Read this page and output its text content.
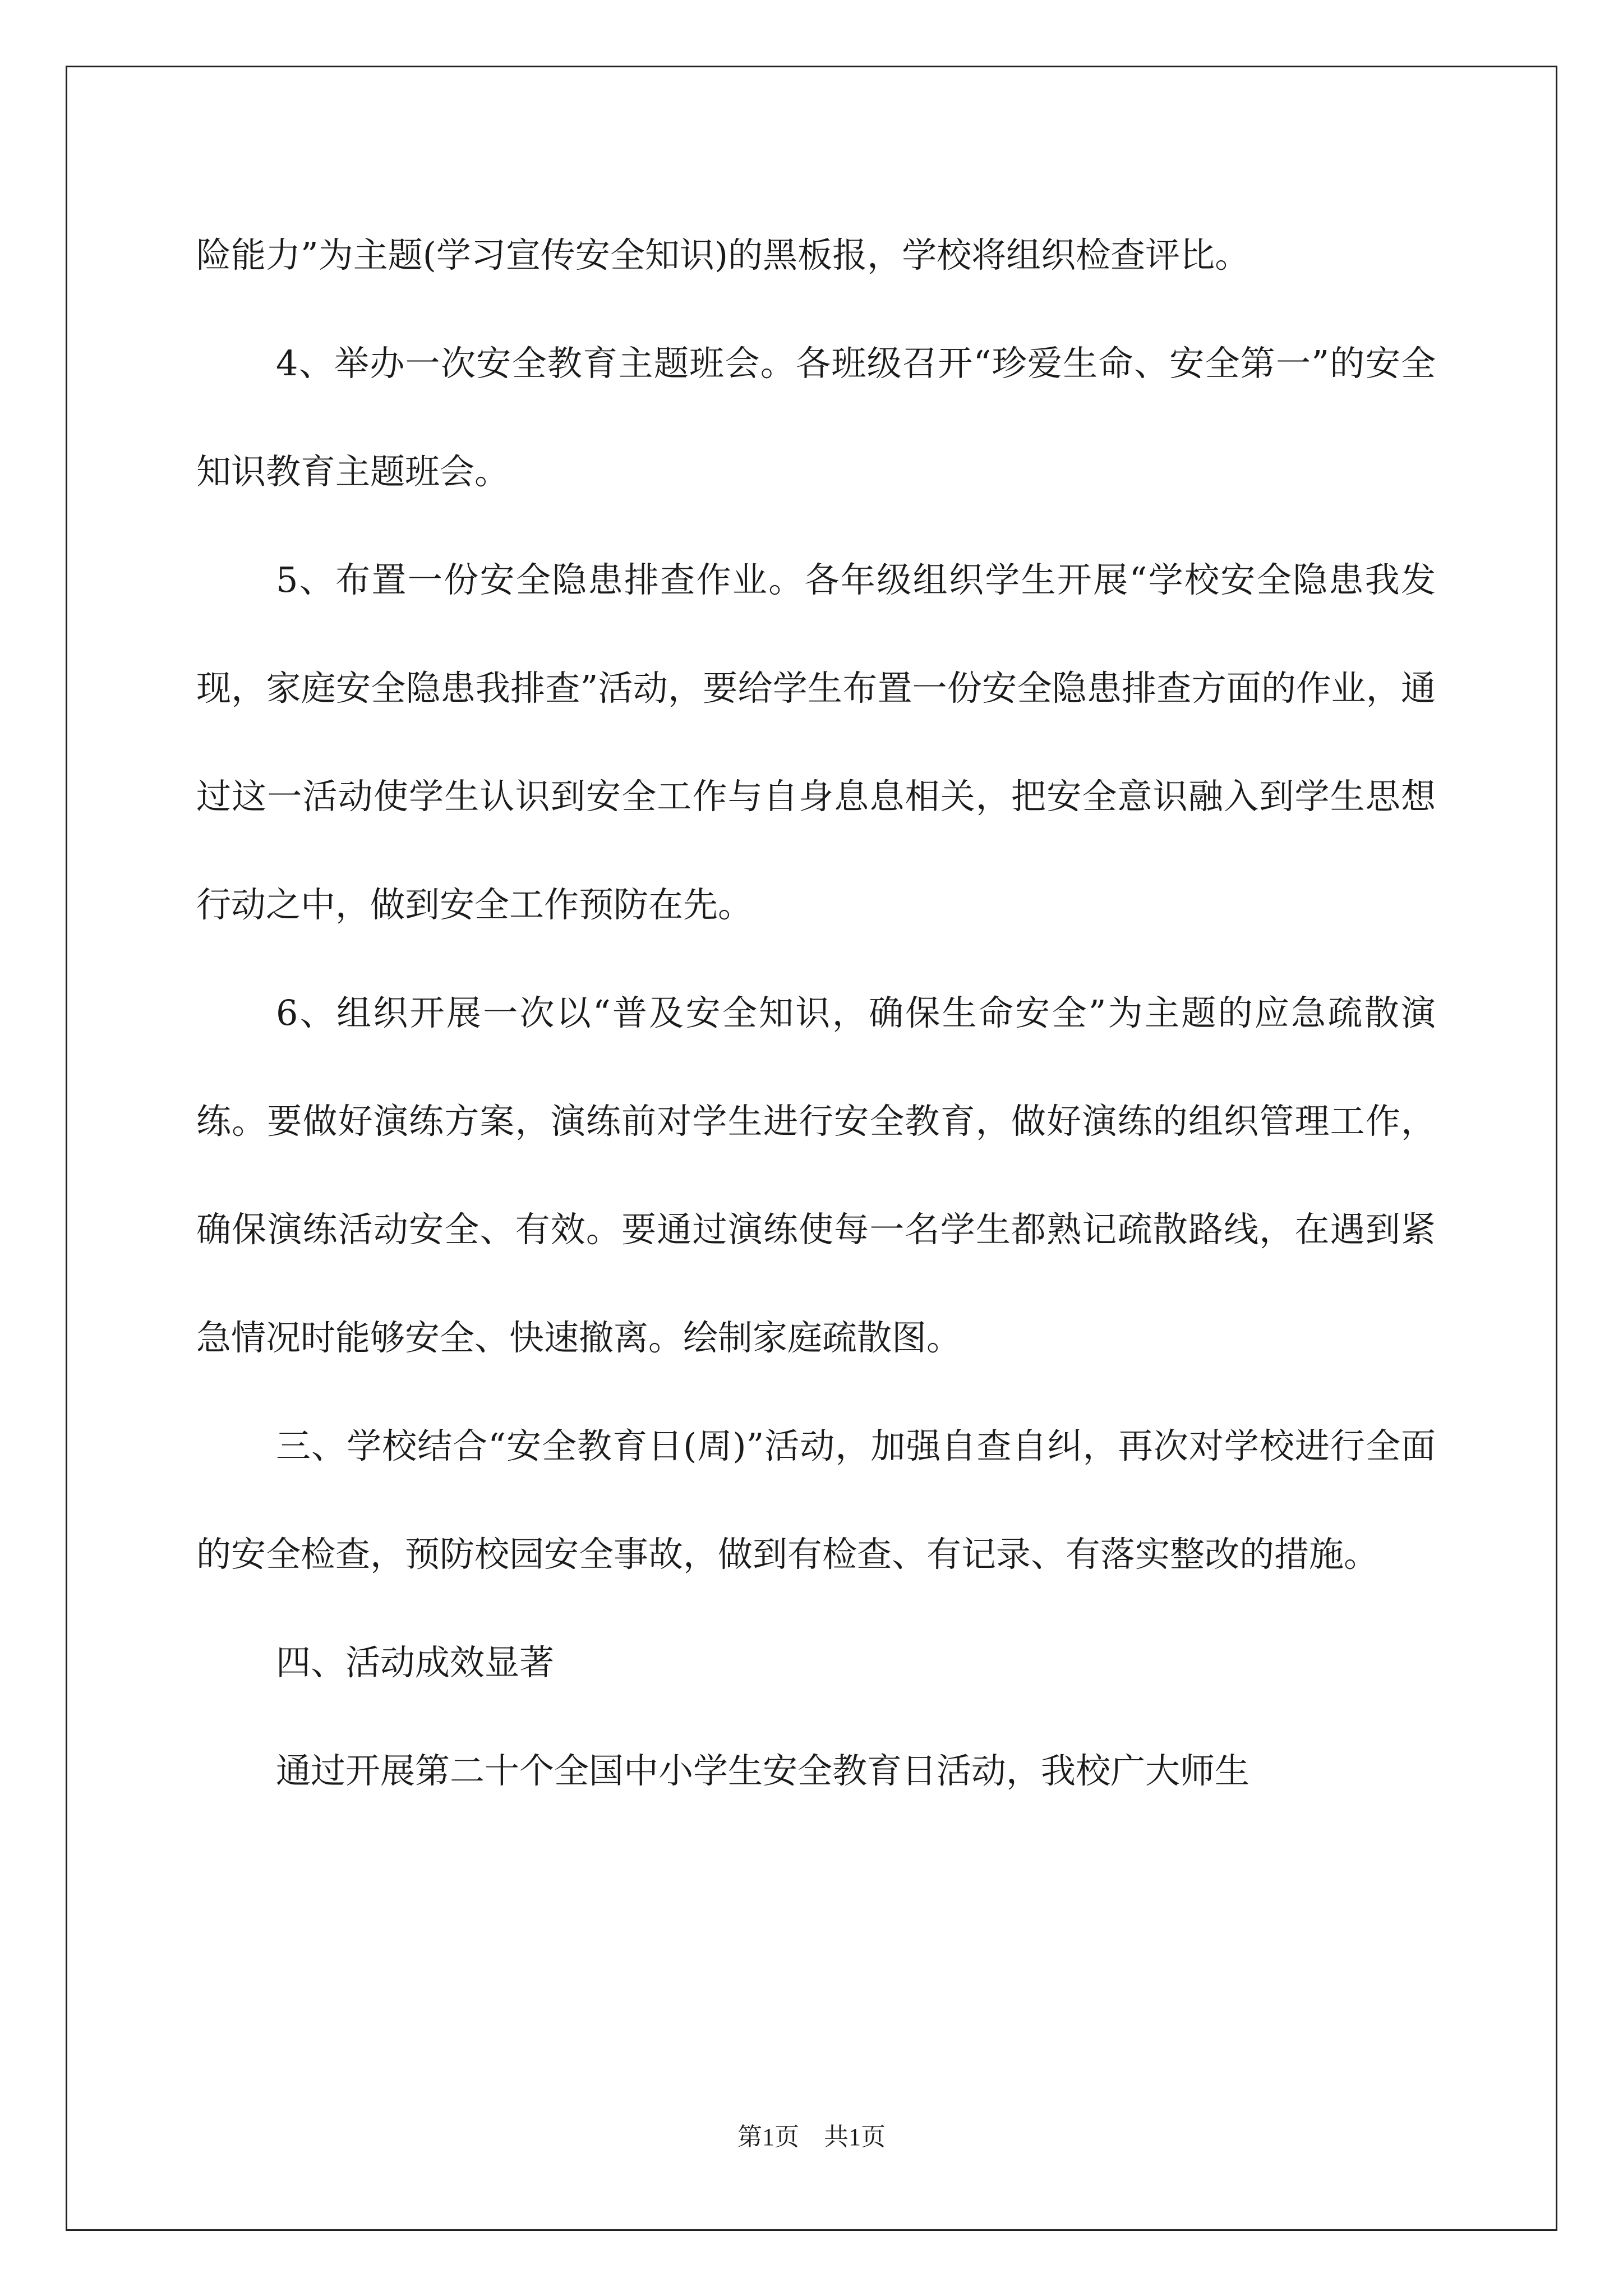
险能力”为主题(学习宣传安全知识)的黑板报，学校将组织检查评比。

4、举办一次安全教育主题班会。各班级召开“珍爱生命、安全第一”的安全知识教育主题班会。

5、布置一份安全隐患排查作业。各年级组织学生开展“学校安全隐患我发现，家庭安全隐患我排查”活动，要给学生布置一份安全隐患排查方面的作业，通过这一活动使学生认识到安全工作与自身息息相关，把安全意识融入到学生思想行动之中，做到安全工作预防在先。

6、组织开展一次以“普及安全知识，确保生命安全”为主题的应急疏散演练。要做好演练方案，演练前对学生进行安全教育，做好演练的组织管理工作，确保演练活动安全、有效。要通过演练使每一名学生都熟记疏散路线，在遇到紧急情况时能够安全、快速撤离。绘制家庭疏散图。

三、学校结合“安全教育日(周)”活动，加强自查自纠，再次对学校进行全面的安全检查，预防校园安全事故，做到有检查、有记录、有落实整改的措施。

四、活动成效显著

通过开展第二十个全国中小学生安全教育日活动，我校广大师生

第1页　共1页
